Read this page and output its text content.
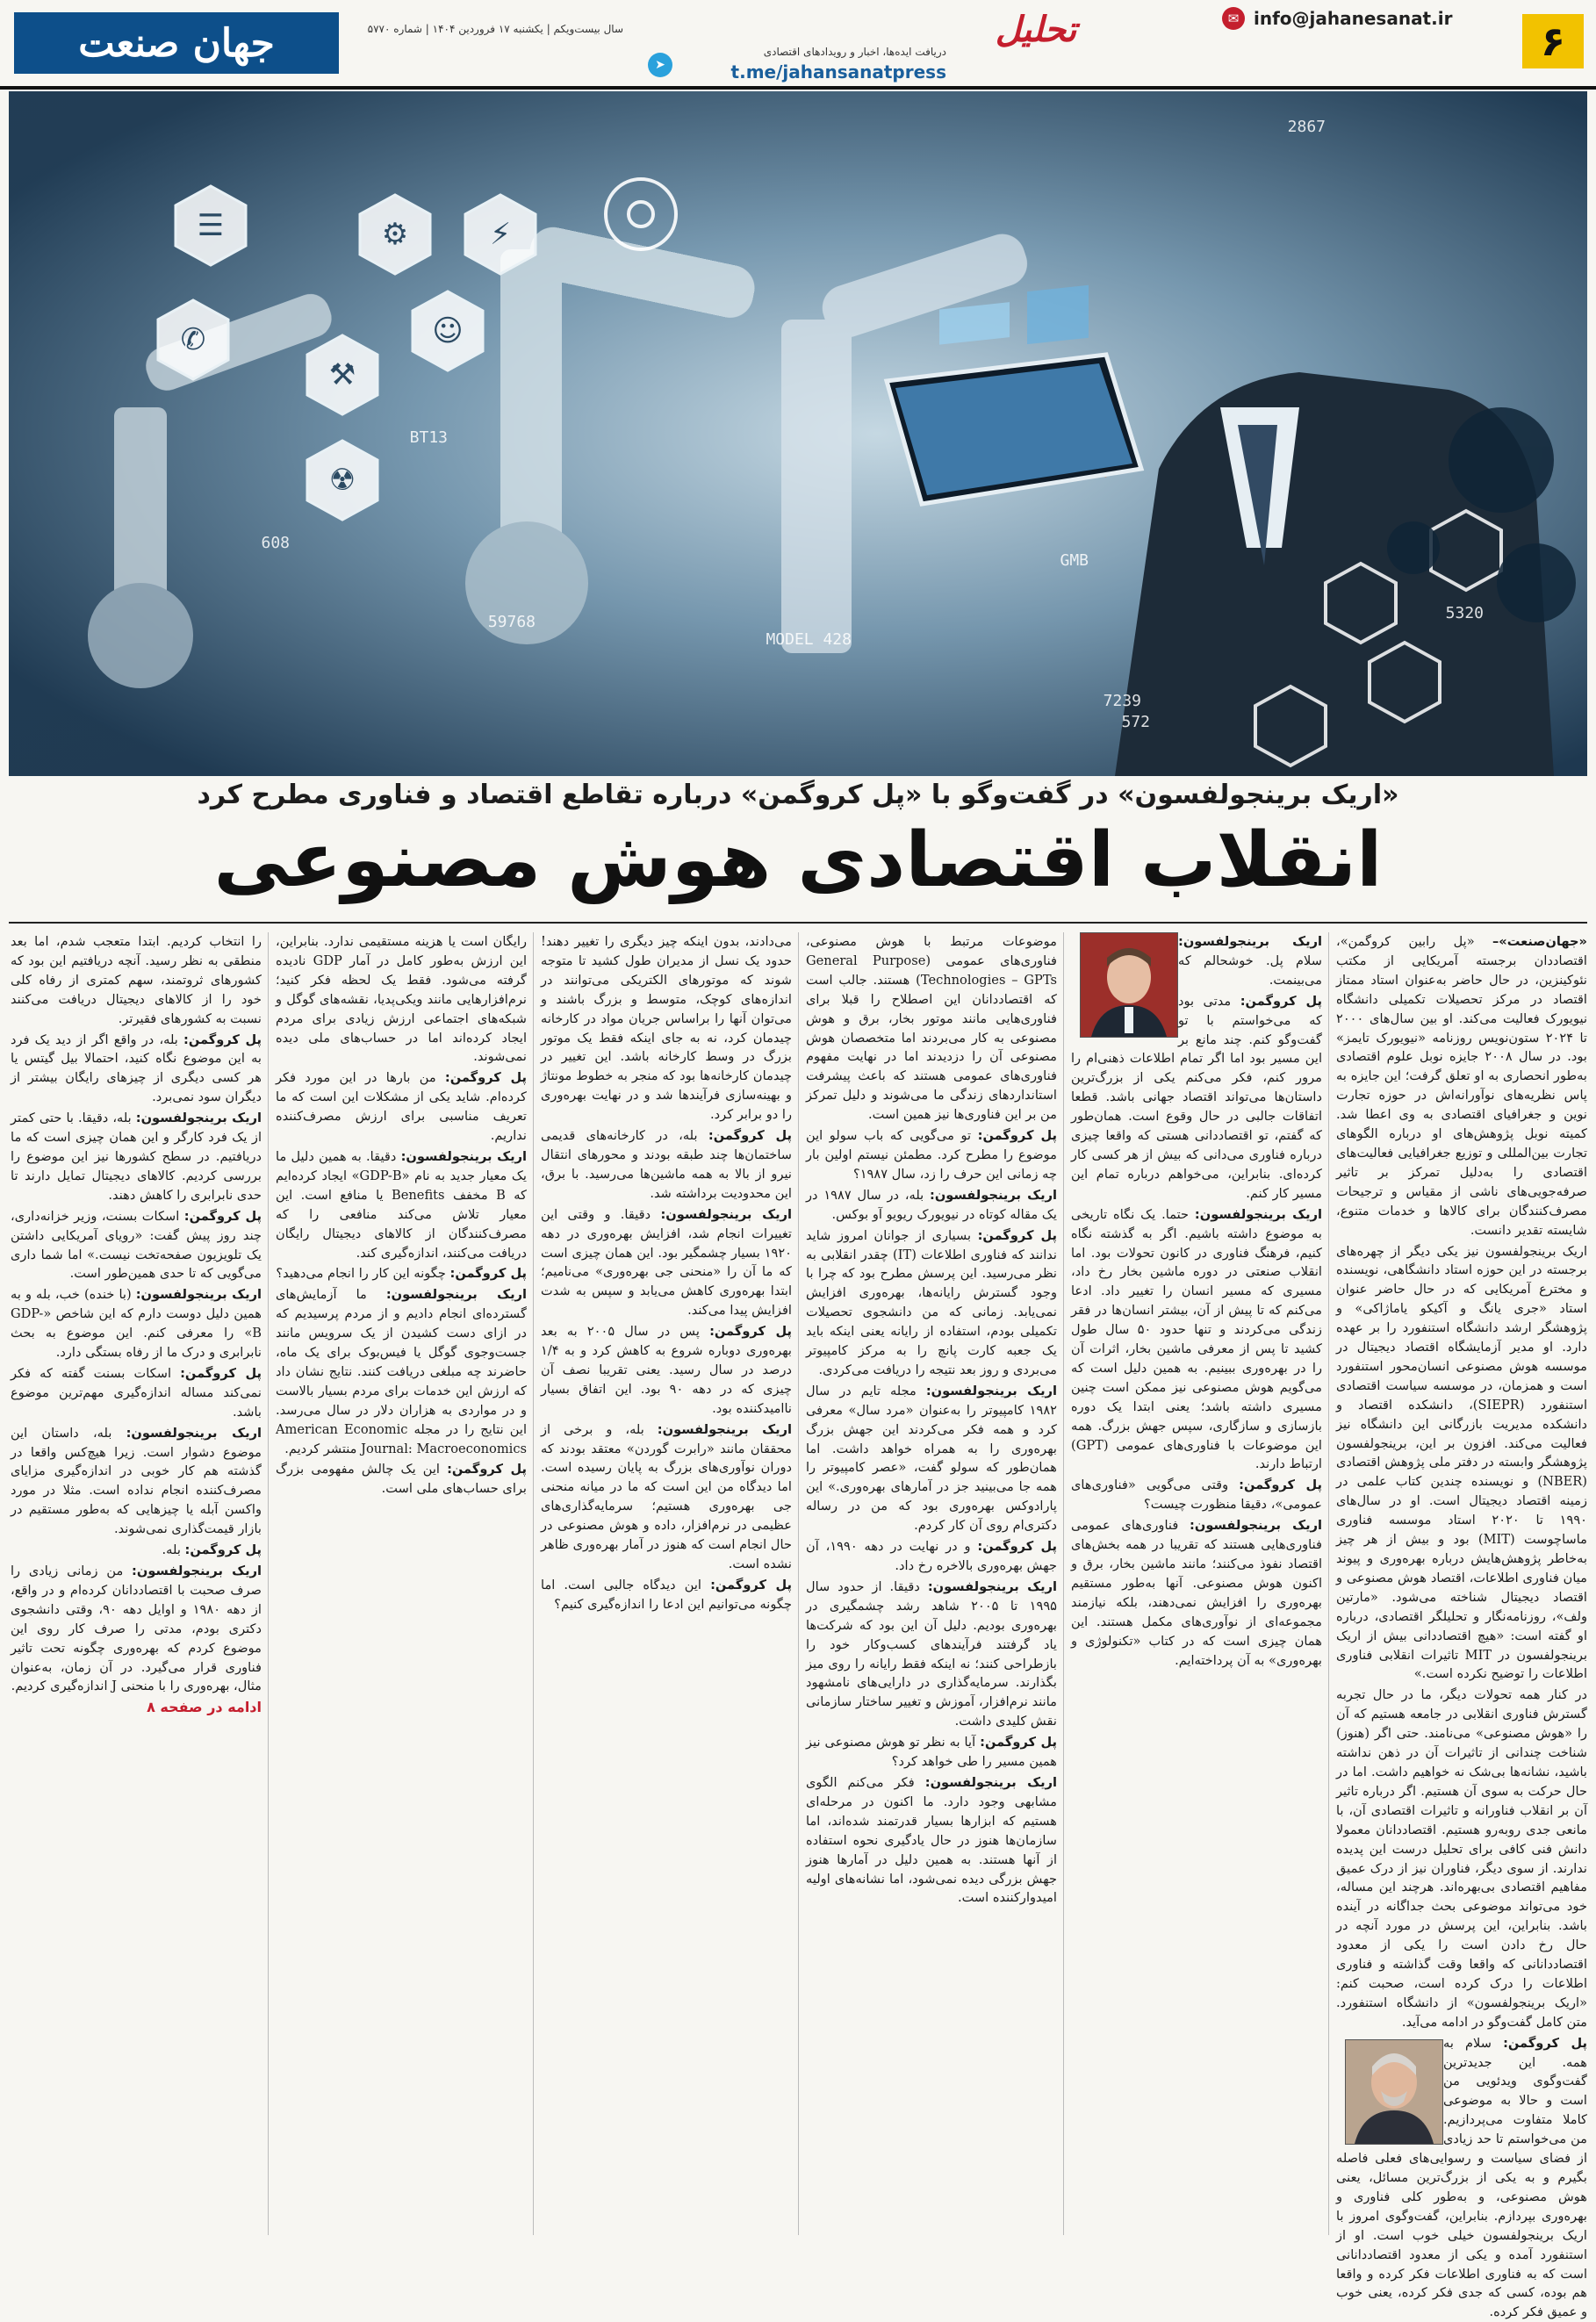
۶
✉ info@jahanesanat.ir
تحلیل
➤
دریافت ایده‌ها، اخبار و رویدادهای اقتصادی
t.me/jahansanatpress
سال بیست‌ویکم | یکشنبه ۱۷ فروردین ۱۴۰۴ | شماره ۵۷۷۰
جهان صنعت
⚙	⚡
✆
⚒
☺
☢
☰
2867
5320
7239
572
59768
BT13
MODEL 428
GMB
608
«اریک برینجولفسون» در گفت‌وگو با «پل کروگمن» درباره تقاطع اقتصاد و فناوری مطرح کرد
انقلاب اقتصادی هوش مصنوعی

«جهان‌صنعت»– «پل رابین کروگمن»، اقتصاددان برجسته آمریکایی از مکتب نئوکینزین، در حال حاضر به‌عنوان استاد ممتاز اقتصاد در مرکز تحصیلات تکمیلی دانشگاه نیویورک فعالیت می‌کند. او بین سال‌های ۲۰۰۰ تا ۲۰۲۴ ستون‌نویس روزنامه «نیویورک تایمز» بود. در سال ۲۰۰۸ جایزه نوبل علوم اقتصادی به‌طور انحصاری به او تعلق گرفت؛ این جایزه به پاس نظریه‌های نوآورانه‌اش در حوزه تجارت نوین و جغرافیای اقتصادی به وی اعطا شد. کمیته نوبل پژوهش‌های او درباره الگوهای تجارت بین‌المللی و توزیع جغرافیایی فعالیت‌های اقتصادی را به‌دلیل تمرکز بر تاثیر صرفه‌جویی‌های ناشی از مقیاس و ترجیحات مصرف‌کنندگان برای کالاها و خدمات متنوع، شایسته تقدیر دانست.

اریک برینجولفسون نیز یکی دیگر از چهره‌های برجسته در این حوزه استاد دانشگاهی، نویسنده و مخترع آمریکایی که در حال حاضر عنوان استاد «جری یانگ و آکیکو یاماژاکی» و پژوهشگر ارشد دانشگاه استنفورد را بر عهده دارد. او مدیر آزمایشگاه اقتصاد دیجیتال در موسسه هوش مصنوعی انسان‌محور استنفورد است و همزمان، در موسسه سیاست اقتصادی استنفورد (SIEPR)، دانشکده اقتصاد و دانشکده مدیریت بازرگانی این دانشگاه نیز فعالیت می‌کند. افزون بر این، برینجولفسون پژوهشگر وابسته در دفتر ملی پژوهش اقتصادی (NBER) و نویسنده چندین کتاب علمی در زمینه اقتصاد دیجیتال است. او در سال‌های ۱۹۹۰ تا ۲۰۲۰ استاد موسسه فناوری ماساچوست (MIT) بود و بیش از هر چیز به‌خاطر پژوهش‌هایش درباره بهره‌وری و پیوند میان فناوری اطلاعات، اقتصاد هوش مصنوعی و اقتصاد دیجیتال شناخته می‌شود. «مارتین ولف»، روزنامه‌نگار و تحلیلگر اقتصادی، درباره او گفته است: «هیچ اقتصاددانی بیش از اریک برینجولفسون در MIT تاثیرات انقلابی فناوری اطلاعات را توضیح نکرده است.»

در کنار همه تحولات دیگر، ما در حال تجربه گسترش فناوری انقلابی در جامعه هستیم که آن را «هوش مصنوعی» می‌نامند. حتی اگر (هنوز) شناخت چندانی از تاثیرات آن در ذهن نداشته باشید، نشانه‌ها بی‌شک نه خواهیم داشت. اما در حال حرکت به سوی آن هستیم. اگر درباره تاثیر آن بر انقلاب فناورانه و تاثیرات اقتصادی آن، با مانعی جدی روبه‌رو هستیم. اقتصاددانان معمولا دانش فنی کافی برای تحلیل درست این پدیده ندارند. از سوی دیگر، فناوران نیز از درک عمیق مفاهیم اقتصادی بی‌بهره‌اند. هرچند این مساله، خود می‌تواند موضوعی بحث جداگانه در آینده باشد. بنابراین، این پرسش در مورد آنچه در حال رخ دادن است را یکی از معدود اقتصاددانانی که واقعا وقت گذاشته و فناوری اطلاعات را درک کرده است، صحبت کنم: «اریک برینجولفسون» از دانشگاه استنفورد. متن کامل گفت‌وگو در ادامه می‌آید.

پل کروگمن: سلام به همه. این جدیدترین گفت‌وگوی ویدئویی من است و حالا به موضوعی کاملا متفاوت می‌پردازیم. من می‌خواستم تا حد زیادی از فضای سیاست و رسوایی‌های فعلی فاصله بگیرم و به یکی از بزرگ‌ترین مسائل، یعنی هوش مصنوعی، و به‌طور کلی فناوری و بهره‌وری بپردازم. بنابراین، گفت‌وگوی امروز با اریک برینجولفسون خیلی خوب است. او از استنفورد آمده و یکی از معدود اقتصاددانانی است که به فناوری اطلاعات فکر کرده و واقعا هم بوده، کسی که جدی فکر کرده، یعنی خوب و عمیق فکر کرده.

اریک برینجولفسون: سلام پل. خوشحالم که می‌بینمت.

پل کروگمن: مدتی بود که می‌خواستم با تو گفت‌وگو کنم. چند مانع بر این مسیر بود اما اگر تمام اطلاعات ذهنی‌ام را مرور کنم، فکر می‌کنم یکی از بزرگ‌ترین داستان‌ها می‌تواند اقتصاد جهانی باشد. قطعا اتفاقات جالبی در حال وقوع است. همان‌طور که گفتم، تو اقتصاددانی هستی که واقعا چیزی درباره فناوری می‌دانی که بیش از هر کسی کار کرده‌ای. بنابراین، می‌خواهم درباره تمام این مسیر کار کنم.

اریک برینجولفسون: حتما. یک نگاه تاریخی به موضوع داشته باشیم. اگر به گذشته نگاه کنیم، فرهنگ فناوری در کانون تحولات بود. اما انقلاب صنعتی در دوره ماشین بخار رخ داد، مسیری که مسیر انسان را تغییر داد. ادعا می‌کنم که تا پیش از آن، بیشتر انسان‌ها در فقر زندگی می‌کردند و تنها حدود ۵۰ سال طول کشید تا پس از معرفی ماشین بخار، اثرات آن را در بهره‌وری ببینیم. به همین دلیل است که می‌گویم هوش مصنوعی نیز ممکن است چنین مسیری داشته باشد؛ یعنی ابتدا یک دوره بازسازی و سازگاری، سپس جهش بزرگ. همه این موضوعات با فناوری‌های عمومی (GPT) ارتباط دارند.

پل کروگمن: وقتی می‌گویی «فناوری‌های عمومی»، دقیقا منظورت چیست؟

اریک برینجولفسون: فناوری‌های عمومی فناوری‌هایی هستند که تقریبا در همه بخش‌های اقتصاد نفوذ می‌کنند؛ مانند ماشین بخار، برق و اکنون هوش مصنوعی. آنها به‌طور مستقیم بهره‌وری را افزایش نمی‌دهند، بلکه نیازمند مجموعه‌ای از نوآوری‌های مکمل هستند. این همان چیزی است که در کتاب «تکنولوژی و بهره‌وری» به آن پرداخته‌ایم.

موضوعات مرتبط با هوش مصنوعی، فناوری‌های عمومی (General Purpose Technologies – GPTs) هستند. جالب است که اقتصاددانان این اصطلاح را قبلا برای فناوری‌هایی مانند موتور بخار، برق و هوش مصنوعی به کار می‌بردند اما متخصصان هوش مصنوعی آن را دزدیدند اما در نهایت مفهوم فناوری‌های عمومی هستند که باعث پیشرفت استانداردهای زندگی ما می‌شوند و دلیل تمرکز من بر این فناوری‌ها نیز همین است.

پل کروگمن: تو می‌گویی که باب سولو این موضوع را مطرح کرد. مطمئن نیستم اولین بار چه زمانی این حرف را زد، سال ۱۹۸۷؟

اریک برینجولفسون: بله، در سال ۱۹۸۷ در یک مقاله کوتاه در نیویورک ریویو آو بوکس.

پل کروگمن: بسیاری از جوانان امروز شاید ندانند که فناوری اطلاعات (IT) چقدر انقلابی به نظر می‌رسید. این پرسش مطرح بود که چرا با وجود گسترش رایانه‌ها، بهره‌وری افزایش نمی‌یابد. زمانی که من دانشجوی تحصیلات تکمیلی بودم، استفاده از رایانه یعنی اینکه باید یک جعبه کارت پانچ را به مرکز کامپیوتر می‌بردی و روز بعد نتیجه را دریافت می‌کردی.

اریک برینجولفسون: مجله تایم در سال ۱۹۸۲ کامپیوتر را به‌عنوان «مرد سال» معرفی کرد و همه فکر می‌کردند این جهش بزرگ بهره‌وری را به همراه خواهد داشت. اما همان‌طور که سولو گفت، «عصر کامپیوتر را همه جا می‌بینید جز در آمارهای بهره‌وری.» این پارادوکس بهره‌وری بود که من در رساله دکتری‌ام روی آن کار کردم.

پل کروگمن: و در نهایت در دهه ۱۹۹۰، آن جهش بهره‌وری بالاخره رخ داد.

اریک برینجولفسون: دقیقا. از حدود سال ۱۹۹۵ تا ۲۰۰۵ شاهد رشد چشمگیری در بهره‌وری بودیم. دلیل آن این بود که شرکت‌ها یاد گرفتند فرآیندهای کسب‌وکار خود را بازطراحی کنند؛ نه اینکه فقط رایانه را روی میز بگذارند. سرمایه‌گذاری در دارایی‌های نامشهود مانند نرم‌افزار، آموزش و تغییر ساختار سازمانی نقش کلیدی داشت.

پل کروگمن: آیا به نظر تو هوش مصنوعی نیز همین مسیر را طی خواهد کرد؟

اریک برینجولفسون: فکر می‌کنم الگوی مشابهی وجود دارد. ما اکنون در مرحله‌ای هستیم که ابزارها بسیار قدرتمند شده‌اند، اما سازمان‌ها هنوز در حال یادگیری نحوه استفاده از آنها هستند. به همین دلیل در آمارها هنوز جهش بزرگی دیده نمی‌شود، اما نشانه‌های اولیه امیدوارکننده است.

می‌دادند، بدون اینکه چیز دیگری را تغییر دهند! حدود یک نسل از مدیران طول کشید تا متوجه شوند که موتورهای الکتریکی می‌توانند در اندازه‌های کوچک، متوسط و بزرگ باشند و می‌توان آنها را براساس جریان مواد در کارخانه چیدمان کرد، نه به جای اینکه فقط یک موتور بزرگ در وسط کارخانه باشد. این تغییر در چیدمان کارخانه‌ها بود که منجر به خطوط مونتاژ و بهینه‌سازی فرآیندها شد و در نهایت بهره‌وری را دو برابر کرد.

پل کروگمن: بله، در کارخانه‌های قدیمی ساختمان‌ها چند طبقه بودند و محورهای انتقال نیرو از بالا به همه ماشین‌ها می‌رسید. با برق، این محدودیت برداشته شد.

اریک برینجولفسون: دقیقا. و وقتی این تغییرات انجام شد، افزایش بهره‌وری در دهه ۱۹۲۰ بسیار چشمگیر بود. این همان چیزی است که ما آن را «منحنی جی بهره‌وری» می‌نامیم؛ ابتدا بهره‌وری کاهش می‌یابد و سپس به شدت افزایش پیدا می‌کند.

پل کروگمن: پس در سال ۲۰۰۵ به بعد بهره‌وری دوباره شروع به کاهش کرد و به ۱/۴ درصد در سال رسید. یعنی تقریبا نصف آن چیزی که در دهه ۹۰ بود. این اتفاق بسیار ناامیدکننده بود.

اریک برینجولفسون: بله، و برخی از محققان مانند «رابرت گوردن» معتقد بودند که دوران نوآوری‌های بزرگ به پایان رسیده است. اما دیدگاه من این است که ما در میانه منحنی جی بهره‌وری هستیم؛ سرمایه‌گذاری‌های عظیمی در نرم‌افزار، داده و هوش مصنوعی در حال انجام است که هنوز در آمار بهره‌وری ظاهر نشده است.

پل کروگمن: این دیدگاه جالبی است. اما چگونه می‌توانیم این ادعا را اندازه‌گیری کنیم؟

رایگان است یا هزینه مستقیمی ندارد. بنابراین، این ارزش به‌طور کامل در آمار GDP نادیده گرفته می‌شود. فقط یک لحظه فکر کنید؛ نرم‌افزارهایی مانند ویکی‌پدیا، نقشه‌های گوگل و شبکه‌های اجتماعی ارزش زیادی برای مردم ایجاد کرده‌اند اما در حساب‌های ملی دیده نمی‌شوند.

پل کروگمن: من بارها در این مورد فکر کرده‌ام. شاید یکی از مشکلات این است که ما تعریف مناسبی برای ارزش مصرف‌کننده نداریم.

اریک برینجولفسون: دقیقا. به همین دلیل ما یک معیار جدید به نام «GDP-B» ایجاد کرده‌ایم که B مخفف Benefits یا منافع است. این معیار تلاش می‌کند منافعی را که مصرف‌کنندگان از کالاهای دیجیتال رایگان دریافت می‌کنند، اندازه‌گیری کند.

پل کروگمن: چگونه این کار را انجام می‌دهید؟

اریک برینجولفسون: ما آزمایش‌های گسترده‌ای انجام دادیم و از مردم پرسیدیم که در ازای دست کشیدن از یک سرویس مانند جست‌وجوی گوگل یا فیس‌بوک برای یک ماه، حاضرند چه مبلغی دریافت کنند. نتایج نشان داد که ارزش این خدمات برای مردم بسیار بالاست و در مواردی به هزاران دلار در سال می‌رسد. این نتایج را در مجله American Economic Journal: Macroeconomics منتشر کردیم.

پل کروگمن: این یک چالش مفهومی بزرگ برای حساب‌های ملی است.

را انتخاب کردیم. ابتدا متعجب شدم، اما بعد منطقی به نظر رسید. آنچه دریافتیم این بود که کشورهای ثروتمند، سهم کمتری از رفاه کلی خود را از کالاهای دیجیتال دریافت می‌کنند نسبت به کشورهای فقیرتر.

پل کروگمن: بله، در واقع اگر از دید یک فرد به این موضوع نگاه کنید، احتمالا بیل گیتس یا هر کسی دیگری از چیزهای رایگان بیشتر از دیگران سود نمی‌برد.

اریک برینجولفسون: بله، دقیقا. با حتی کمتر از یک فرد کارگر و این همان چیزی است که ما دریافتیم. در سطح کشورها نیز این موضوع را بررسی کردیم. کالاهای دیجیتال تمایل دارند تا حدی نابرابری را کاهش دهند.

پل کروگمن: اسکات بسنت، وزیر خزانه‌داری، چند روز پیش گفت: «رویای آمریکایی داشتن یک تلویزیون صفحه‌تخت نیست.» اما شما داری می‌گویی که تا حدی همین‌طور است.

اریک برینجولفسون: (با خنده) خب، بله و به همین دلیل دوست دارم که این شاخص «GDP-B» را معرفی کنم. این موضوع به بحث نابرابری و درک ما از رفاه بستگی دارد.

پل کروگمن: اسکات بسنت گفته که فکر نمی‌کند مساله اندازه‌گیری مهم‌ترین موضوع باشد.

اریک برینجولفسون: بله، داستان این موضوع دشوار است. زیرا هیچ‌کس واقعا در گذشته هم کار خوبی در اندازه‌گیری مزایای مصرف‌کننده انجام نداده است. مثلا در مورد واکسن آبله یا چیزهایی که به‌طور مستقیم در بازار قیمت‌گذاری نمی‌شوند.

پل کروگمن: بله.

اریک برینجولفسون: من زمانی زیادی را صرف صحبت با اقتصاددانان کرده‌ام و در واقع، از دهه ۱۹۸۰ و اوایل دهه ۹۰، وقتی دانشجوی دکتری بودم، مدتی را صرف کار روی این موضوع کردم که بهره‌وری چگونه تحت تاثیر فناوری قرار می‌گیرد. در آن زمان، به‌عنوان مثال، بهره‌وری را با منحنی J اندازه‌گیری کردیم.

ادامه در صفحه ۸
